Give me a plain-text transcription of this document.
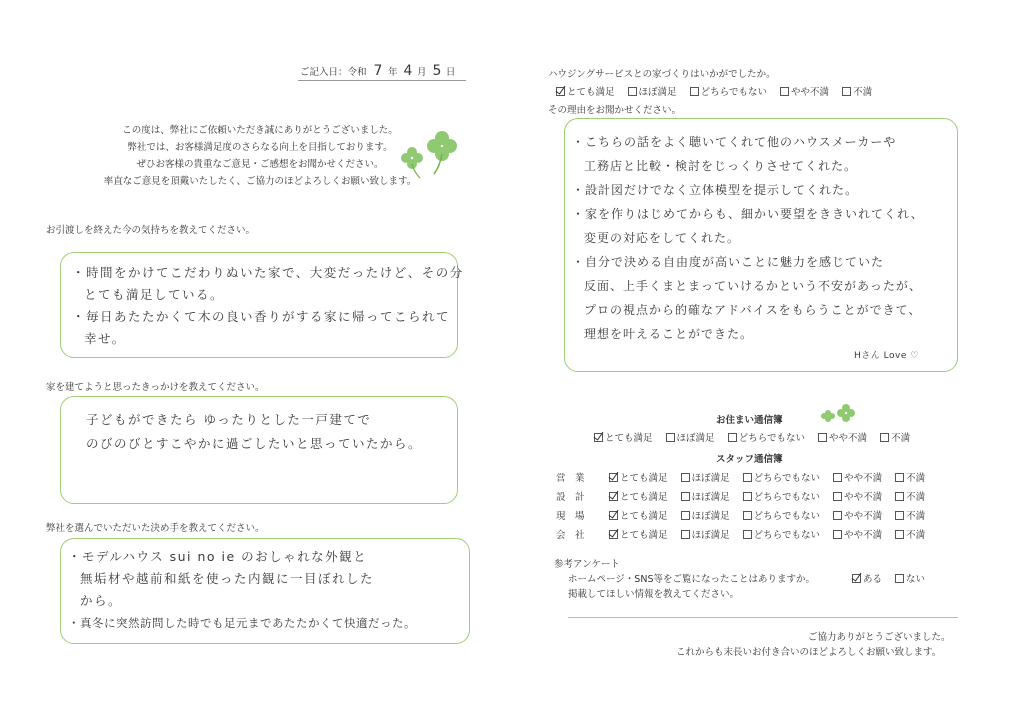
ご記入日：令和 7 年 4 月 5 日
この度は、弊社にご依頼いただき誠にありがとうございました。
弊社では、お客様満足度のさらなる向上を目指しております。
ぜひお客様の貴重なご意見・ご感想をお聞かせください。
率直なご意見を頂戴いたしたく、ご協力のほどよろしくお願い致します。
お引渡しを終えた今の気持ちを教えてください。
・時間をかけてこだわりぬいた家で、大変だったけど、その分
とても満足している。
・毎日あたたかくて木の良い香りがする家に帰ってこられて
幸せ。
家を建てようと思ったきっかけを教えてください。
子どもができたら ゆったりとした一戸建てで
のびのびとすこやかに過ごしたいと思っていたから。
弊社を選んでいただいた決め手を教えてください。
・モデルハウス sui no ie のおしゃれな外観と
無垢材や越前和紙を使った内観に一目ぼれした
から。
・真冬に突然訪問した時でも足元まであたたかくて快適だった。
ハウジングサービスとの家づくりはいかがでしたか。
とても満足	ほぼ満足	どちらでもない	やや不満	不満
その理由をお聞かせください。
・こちらの話をよく聴いてくれて他のハウスメーカーや
工務店と比較・検討をじっくりさせてくれた。
・設計図だけでなく立体模型を提示してくれた。
・家を作りはじめてからも、細かい要望をききいれてくれ、
変更の対応をしてくれた。
・自分で決める自由度が高いことに魅力を感じていた
反面、上手くまとまっていけるかという不安があったが、
プロの視点から的確なアドバイスをもらうことができて、
理想を叶えることができた。
Hさん Love ♡
お住まい通信簿
とても満足	ほぼ満足	どちらでもない	やや不満	不満
スタッフ通信簿
営　業	とても満足	ほぼ満足	どちらでもない	やや不満	不満
設　計	とても満足	ほぼ満足	どちらでもない	やや不満	不満
現　場	とても満足	ほぼ満足	どちらでもない	やや不満	不満
会　社	とても満足	ほぼ満足	どちらでもない	やや不満	不満
参考アンケート
ホームページ・SNS等をご覧になったことはありますか。	ある	ない
掲載してほしい情報を教えてください。
ご協力ありがとうございました。
これからも末長いお付き合いのほどよろしくお願い致します。
